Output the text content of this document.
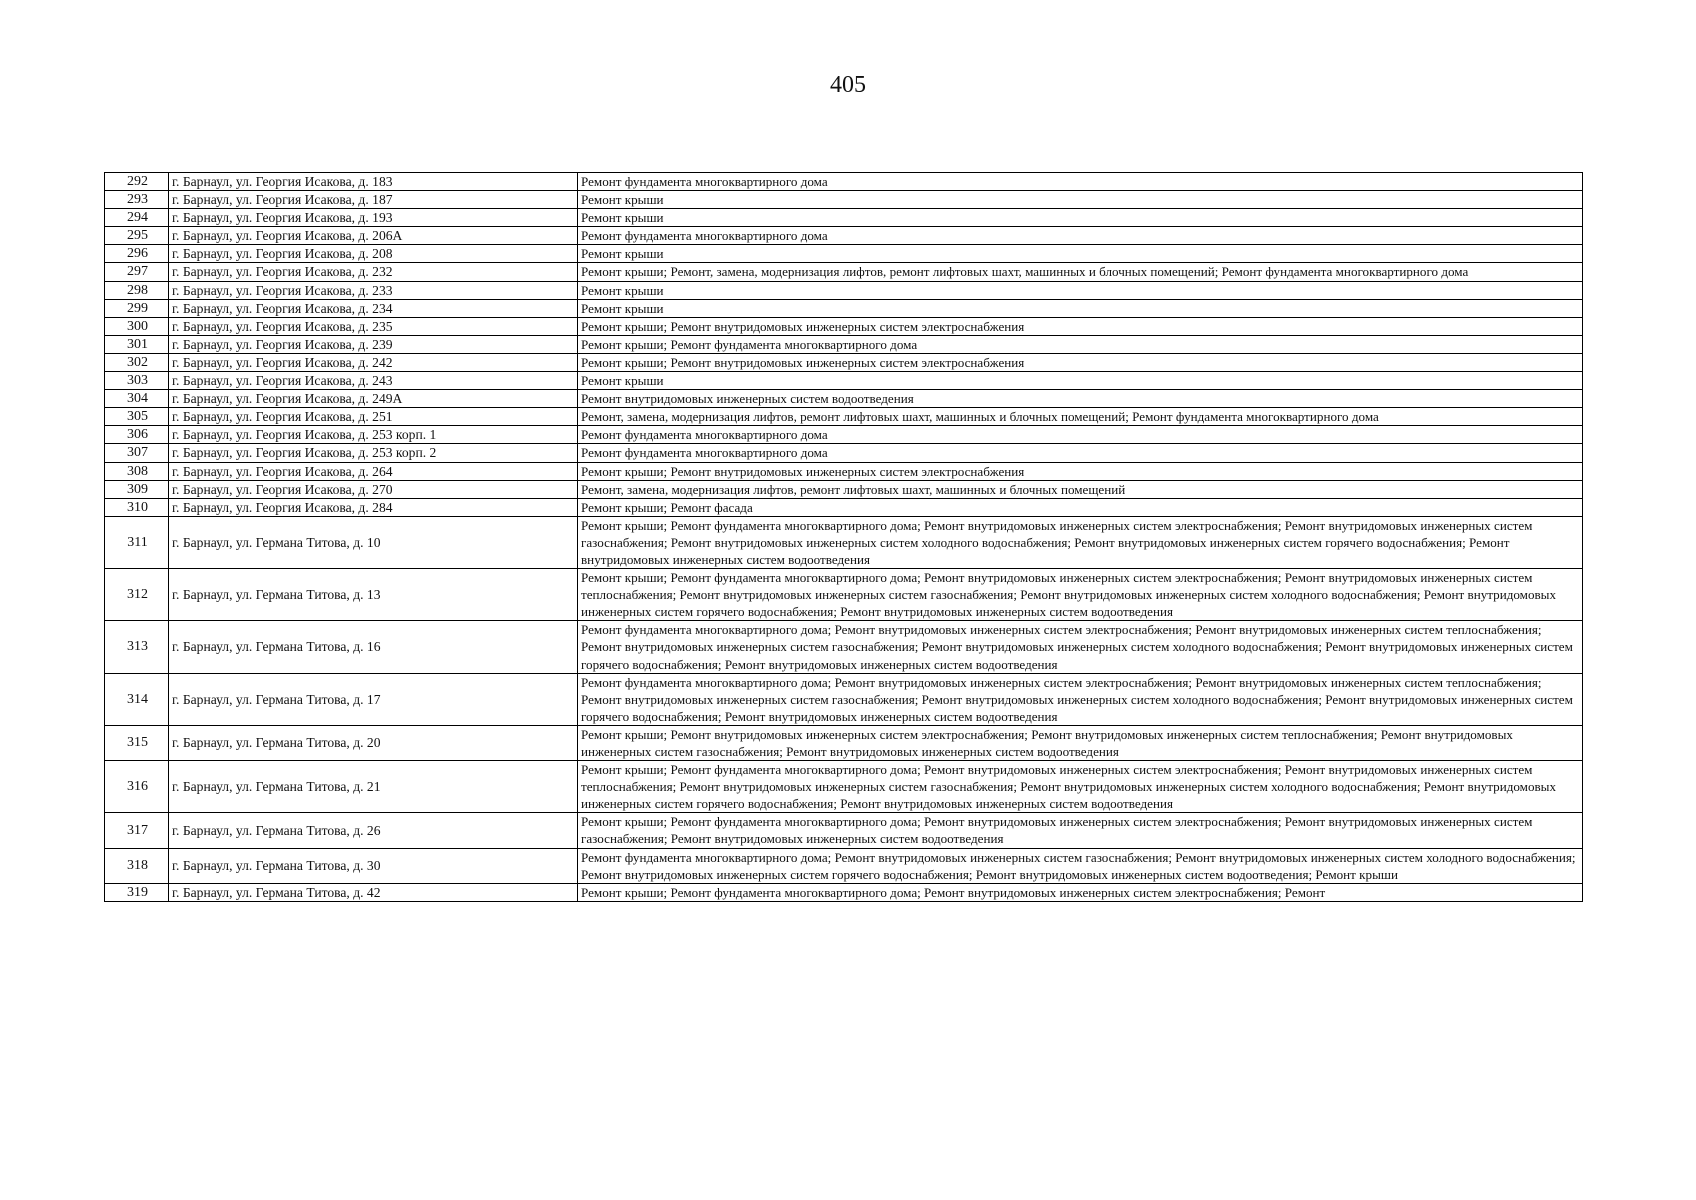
405
292	г. Барнаул, ул. Георгия Исакова, д. 183	Ремонт фундамента многоквартирного дома
293	г. Барнаул, ул. Георгия Исакова, д. 187	Ремонт крыши
294	г. Барнаул, ул. Георгия Исакова, д. 193	Ремонт крыши
295	г. Барнаул, ул. Георгия Исакова, д. 206А	Ремонт фундамента многоквартирного дома
296	г. Барнаул, ул. Георгия Исакова, д. 208	Ремонт крыши
297	г. Барнаул, ул. Георгия Исакова, д. 232	Ремонт крыши; Ремонт, замена, модернизация лифтов, ремонт лифтовых шахт, машинных и блочных помещений; Ремонт фундамента многоквартирного дома
298	г. Барнаул, ул. Георгия Исакова, д. 233	Ремонт крыши
299	г. Барнаул, ул. Георгия Исакова, д. 234	Ремонт крыши
300	г. Барнаул, ул. Георгия Исакова, д. 235	Ремонт крыши; Ремонт внутридомовых инженерных систем электроснабжения
301	г. Барнаул, ул. Георгия Исакова, д. 239	Ремонт крыши; Ремонт фундамента многоквартирного дома
302	г. Барнаул, ул. Георгия Исакова, д. 242	Ремонт крыши; Ремонт внутридомовых инженерных систем электроснабжения
303	г. Барнаул, ул. Георгия Исакова, д. 243	Ремонт крыши
304	г. Барнаул, ул. Георгия Исакова, д. 249А	Ремонт внутридомовых инженерных систем водоотведения
305	г. Барнаул, ул. Георгия Исакова, д. 251	Ремонт, замена, модернизация лифтов, ремонт лифтовых шахт, машинных и блочных помещений; Ремонт фундамента многоквартирного дома
306	г. Барнаул, ул. Георгия Исакова, д. 253 корп. 1	Ремонт фундамента многоквартирного дома
307	г. Барнаул, ул. Георгия Исакова, д. 253 корп. 2	Ремонт фундамента многоквартирного дома
308	г. Барнаул, ул. Георгия Исакова, д. 264	Ремонт крыши; Ремонт внутридомовых инженерных систем электроснабжения
309	г. Барнаул, ул. Георгия Исакова, д. 270	Ремонт, замена, модернизация лифтов, ремонт лифтовых шахт, машинных и блочных помещений
310	г. Барнаул, ул. Георгия Исакова, д. 284	Ремонт крыши; Ремонт фасада
311	г. Барнаул, ул. Германа Титова, д. 10	Ремонт крыши; Ремонт фундамента многоквартирного дома; Ремонт внутридомовых инженерных систем электроснабжения; Ремонт внутридомовых инженерных систем газоснабжения; Ремонт внутридомовых инженерных систем холодного водоснабжения; Ремонт внутридомовых инженерных систем горячего водоснабжения; Ремонт внутридомовых инженерных систем водоотведения
312	г. Барнаул, ул. Германа Титова, д. 13	Ремонт крыши; Ремонт фундамента многоквартирного дома; Ремонт внутридомовых инженерных систем электроснабжения; Ремонт внутридомовых инженерных систем теплоснабжения; Ремонт внутридомовых инженерных систем газоснабжения; Ремонт внутридомовых инженерных систем холодного водоснабжения; Ремонт внутридомовых инженерных систем горячего водоснабжения; Ремонт внутридомовых инженерных систем водоотведения
313	г. Барнаул, ул. Германа Титова, д. 16	Ремонт фундамента многоквартирного дома; Ремонт внутридомовых инженерных систем электроснабжения; Ремонт внутридомовых инженерных систем теплоснабжения; Ремонт внутридомовых инженерных систем газоснабжения; Ремонт внутридомовых инженерных систем холодного водоснабжения; Ремонт внутридомовых инженерных систем горячего водоснабжения; Ремонт внутридомовых инженерных систем водоотведения
314	г. Барнаул, ул. Германа Титова, д. 17	Ремонт фундамента многоквартирного дома; Ремонт внутридомовых инженерных систем электроснабжения; Ремонт внутридомовых инженерных систем теплоснабжения; Ремонт внутридомовых инженерных систем газоснабжения; Ремонт внутридомовых инженерных систем холодного водоснабжения; Ремонт внутридомовых инженерных систем горячего водоснабжения; Ремонт внутридомовых инженерных систем водоотведения
315	г. Барнаул, ул. Германа Титова, д. 20	Ремонт крыши; Ремонт внутридомовых инженерных систем электроснабжения; Ремонт внутридомовых инженерных систем теплоснабжения; Ремонт внутридомовых инженерных систем газоснабжения; Ремонт внутридомовых инженерных систем водоотведения
316	г. Барнаул, ул. Германа Титова, д. 21	Ремонт крыши; Ремонт фундамента многоквартирного дома; Ремонт внутридомовых инженерных систем электроснабжения; Ремонт внутридомовых инженерных систем теплоснабжения; Ремонт внутридомовых инженерных систем газоснабжения; Ремонт внутридомовых инженерных систем холодного водоснабжения; Ремонт внутридомовых инженерных систем горячего водоснабжения; Ремонт внутридомовых инженерных систем водоотведения
317	г. Барнаул, ул. Германа Титова, д. 26	Ремонт крыши; Ремонт фундамента многоквартирного дома; Ремонт внутридомовых инженерных систем электроснабжения; Ремонт внутридомовых инженерных систем газоснабжения; Ремонт внутридомовых инженерных систем водоотведения
318	г. Барнаул, ул. Германа Титова, д. 30	Ремонт фундамента многоквартирного дома; Ремонт внутридомовых инженерных систем газоснабжения; Ремонт внутридомовых инженерных систем холодного водоснабжения; Ремонт внутридомовых инженерных систем горячего водоснабжения; Ремонт внутридомовых инженерных систем водоотведения; Ремонт крыши
319	г. Барнаул, ул. Германа Титова, д. 42	Ремонт крыши; Ремонт фундамента многоквартирного дома; Ремонт внутридомовых инженерных систем электроснабжения; Ремонт
